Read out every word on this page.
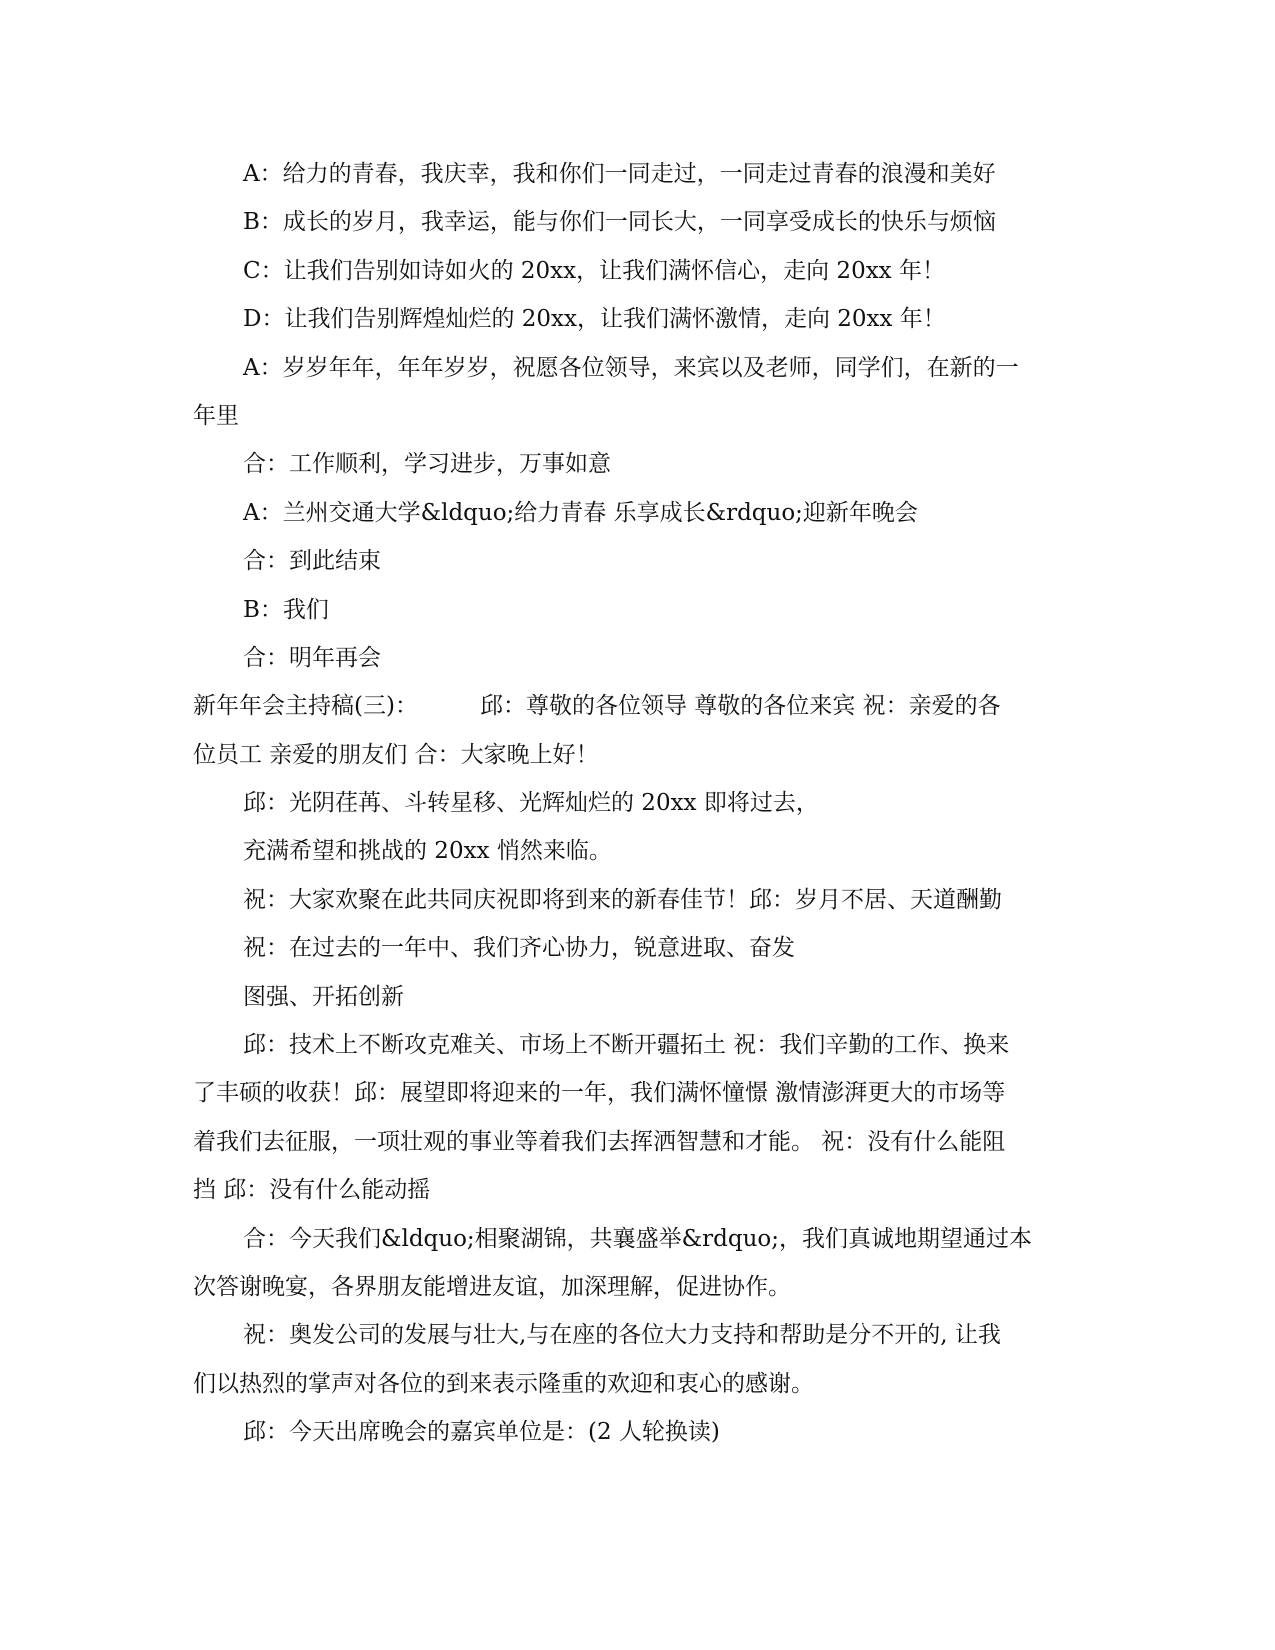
A：给力的青春，我庆幸，我和你们一同走过，一同走过青春的浪漫和美好
B：成长的岁月，我幸运，能与你们一同长大，一同享受成长的快乐与烦恼
C：让我们告别如诗如火的 20xx，让我们满怀信心，走向 20xx 年！
D：让我们告别辉煌灿烂的 20xx，让我们满怀激情，走向 20xx 年！
A：岁岁年年，年年岁岁，祝愿各位领导，来宾以及老师，同学们，在新的一
年里
合：工作顺利，学习进步，万事如意
A：兰州交通大学&ldquo;给力青春 乐享成长&rdquo;迎新年晚会
合：到此结束
B：我们
合：明年再会
新年年会主持稿(三)：	邱：尊敬的各位领导 尊敬的各位来宾 祝：亲爱的各
位员工 亲爱的朋友们 合：大家晚上好！
邱：光阴荏苒、斗转星移、光辉灿烂的 20xx 即将过去，
充满希望和挑战的 20xx 悄然来临。
祝：大家欢聚在此共同庆祝即将到来的新春佳节！邱：岁月不居、天道酬勤
祝：在过去的一年中、我们齐心协力，锐意进取、奋发
图强、开拓创新
邱：技术上不断攻克难关、市场上不断开疆拓土 祝：我们辛勤的工作、换来
了丰硕的收获！邱：展望即将迎来的一年，我们满怀憧憬 激情澎湃更大的市场等
着我们去征服，一项壮观的事业等着我们去挥洒智慧和才能。 祝：没有什么能阻
挡 邱：没有什么能动摇
合：今天我们&ldquo;相聚湖锦，共襄盛举&rdquo;，我们真诚地期望通过本
次答谢晚宴，各界朋友能增进友谊，加深理解，促进协作。
祝：奥发公司的发展与壮大,与在座的各位大力支持和帮助是分不开的, 让我
们以热烈的掌声对各位的到来表示隆重的欢迎和衷心的感谢。
邱：今天出席晚会的嘉宾单位是：(2 人轮换读)
